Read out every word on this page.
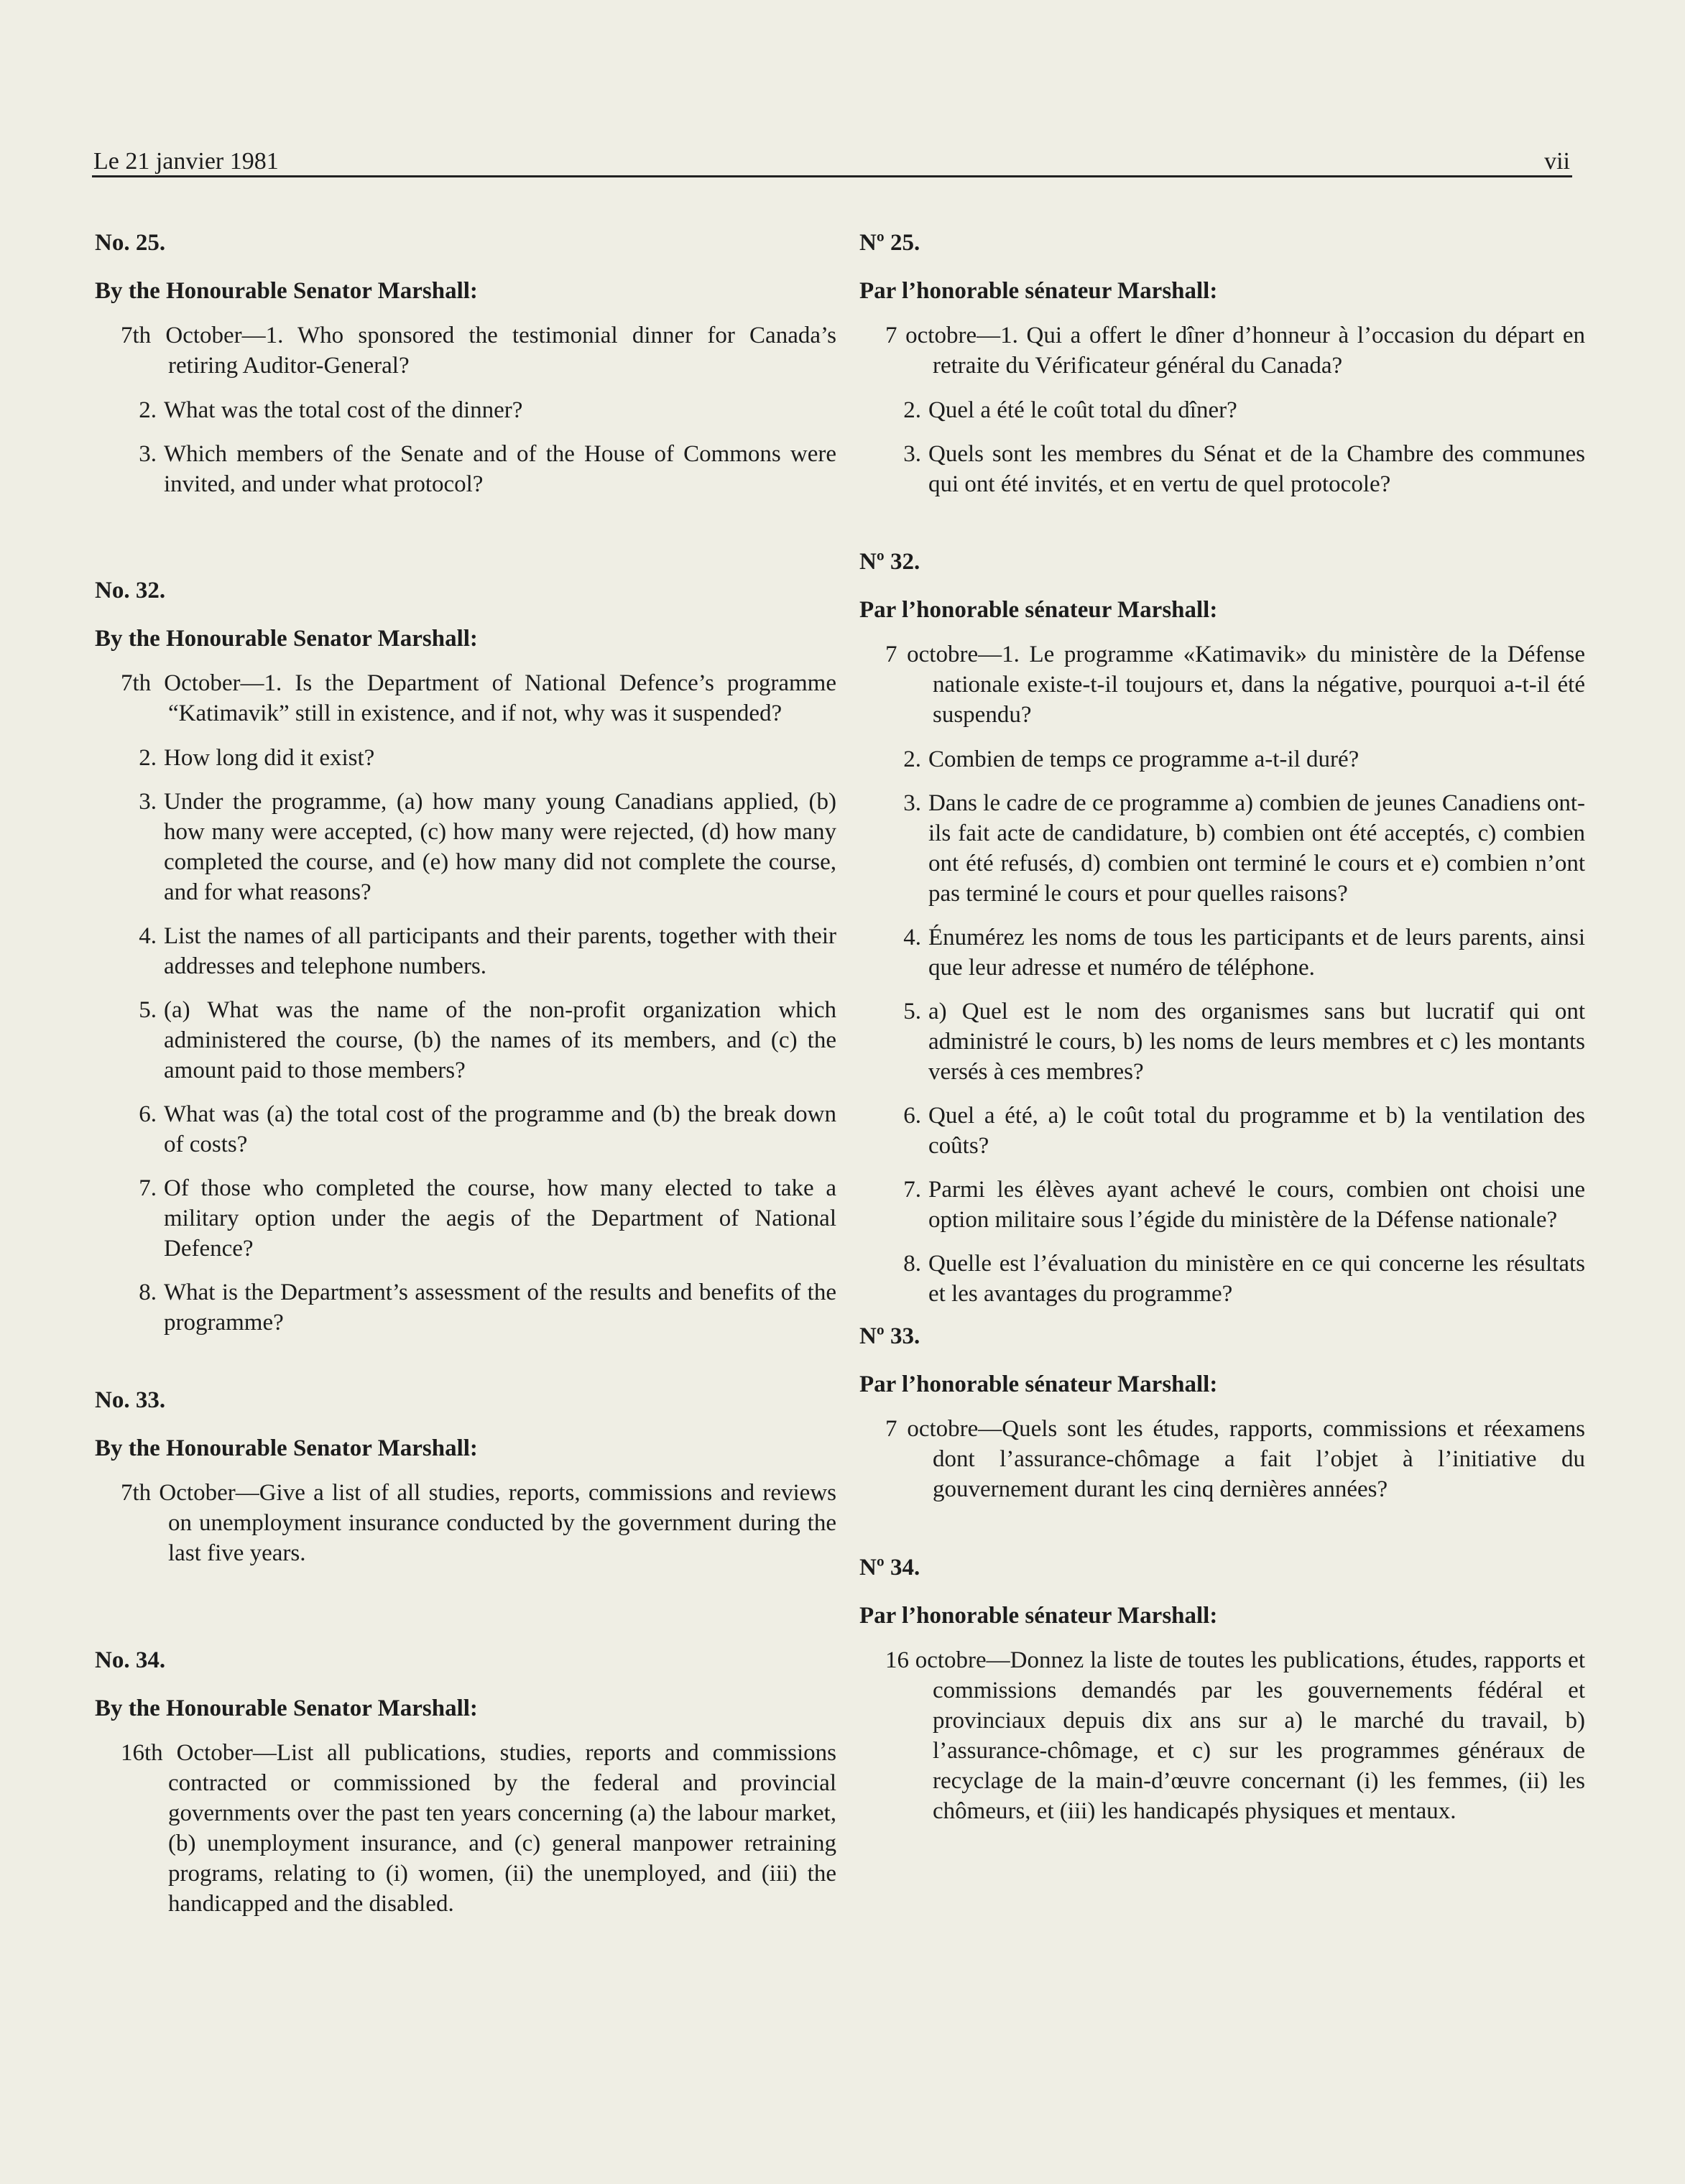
Le 21 janvier 1981	vii
No. 25.
By the Honourable Senator Marshall:

7th October—1. Who sponsored the testimonial dinner for Canada’s retiring Auditor-General?

2. What was the total cost of the dinner?
3. Which members of the Senate and of the House of Commons were invited, and under what protocol?
No. 32.
By the Honourable Senator Marshall:

7th October—1. Is the Department of National Defence’s programme “Katimavik” still in existence, and if not, why was it suspended?

2. How long did it exist?
3. Under the programme, (a) how many young Canadians applied, (b) how many were accepted, (c) how many were rejected, (d) how many completed the course, and (e) how many did not complete the course, and for what reasons?
4. List the names of all participants and their parents, together with their addresses and telephone numbers.
5. (a) What was the name of the non-profit organization which administered the course, (b) the names of its members, and (c) the amount paid to those members?
6. What was (a) the total cost of the programme and (b) the break down of costs?
7. Of those who completed the course, how many elected to take a military option under the aegis of the Department of National Defence?
8. What is the Department’s assessment of the results and benefits of the programme?
No. 33.
By the Honourable Senator Marshall:

7th October—Give a list of all studies, reports, commissions and reviews on unemployment insurance conducted by the government during the last five years.

No. 34.
By the Honourable Senator Marshall:

16th October—List all publications, studies, reports and commissions contracted or commissioned by the federal and provincial governments over the past ten years concerning (a) the labour market, (b) unemployment insurance, and (c) general manpower retraining programs, relating to (i) women, (ii) the unemployed, and (iii) the handicapped and the disabled.

Nº 25.
Par l’honorable sénateur Marshall:

7 octobre—1. Qui a offert le dîner d’honneur à l’occasion du départ en retraite du Vérificateur général du Canada?

2. Quel a été le coût total du dîner?
3. Quels sont les membres du Sénat et de la Chambre des communes qui ont été invités, et en vertu de quel protocole?
Nº 32.
Par l’honorable sénateur Marshall:

7 octobre—1. Le programme «Katimavik» du ministère de la Défense nationale existe-t-il toujours et, dans la négative, pourquoi a-t-il été suspendu?

2. Combien de temps ce programme a-t-il duré?
3. Dans le cadre de ce programme a) combien de jeunes Canadiens ont-ils fait acte de candidature, b) combien ont été acceptés, c) combien ont été refusés, d) combien ont terminé le cours et e) combien n’ont pas terminé le cours et pour quelles raisons?
4. Énumérez les noms de tous les participants et de leurs parents, ainsi que leur adresse et numéro de téléphone.
5. a) Quel est le nom des organismes sans but lucratif qui ont administré le cours, b) les noms de leurs membres et c) les montants versés à ces membres?
6. Quel a été, a) le coût total du programme et b) la ventilation des coûts?
7. Parmi les élèves ayant achevé le cours, combien ont choisi une option militaire sous l’égide du ministère de la Défense nationale?
8. Quelle est l’évaluation du ministère en ce qui concerne les résultats et les avantages du programme?
Nº 33.
Par l’honorable sénateur Marshall:

7 octobre—Quels sont les études, rapports, commissions et réexamens dont l’assurance-chômage a fait l’objet à l’initiative du gouvernement durant les cinq dernières années?

Nº 34.
Par l’honorable sénateur Marshall:

16 octobre—Donnez la liste de toutes les publications, études, rapports et commissions demandés par les gouvernements fédéral et provinciaux depuis dix ans sur a) le marché du travail, b) l’assurance-chômage, et c) sur les programmes généraux de recyclage de la main-d’œuvre concernant (i) les femmes, (ii) les chômeurs, et (iii) les handicapés physiques et mentaux.
